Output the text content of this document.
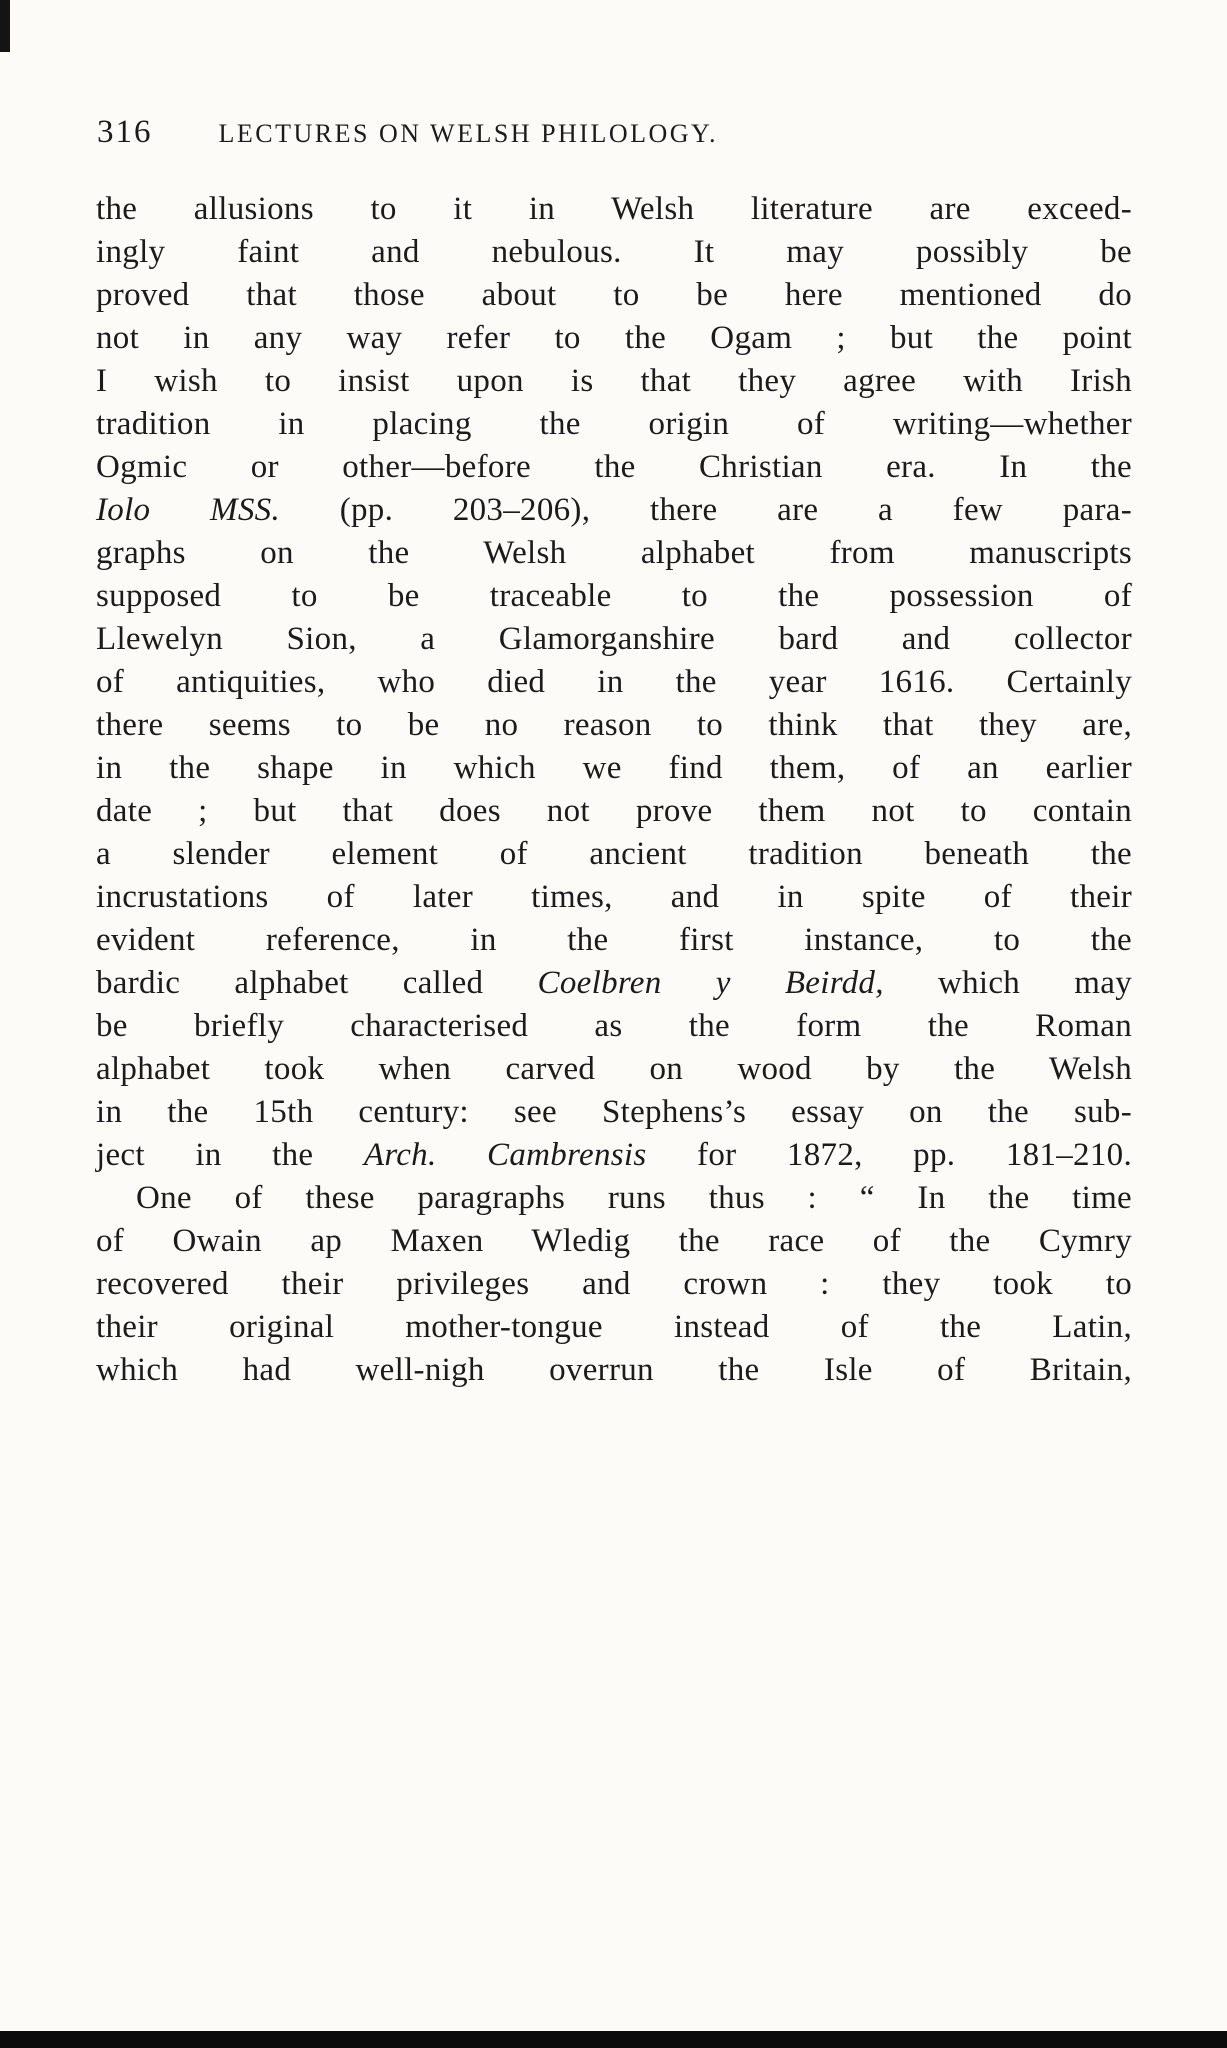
316	LECTURES ON WELSH PHILOLOGY.
the allusions to it in Welsh literature are exceed-
ingly faint and nebulous. It may possibly be
proved that those about to be here mentioned do
not in any way refer to the Ogam ; but the point
I wish to insist upon is that they agree with Irish
tradition in placing the origin of writing—whether
Ogmic or other—before the Christian era. In the
Iolo MSS. (pp. 203–206), there are a few para-
graphs on the Welsh alphabet from manuscripts
supposed to be traceable to the possession of
Llewelyn Sion, a Glamorganshire bard and collector
of antiquities, who died in the year 1616. Certainly
there seems to be no reason to think that they are,
in the shape in which we find them, of an earlier
date ; but that does not prove them not to contain
a slender element of ancient tradition beneath the
incrustations of later times, and in spite of their
evident reference, in the first instance, to the
bardic alphabet called Coelbren y Beirdd, which may
be briefly characterised as the form the Roman
alphabet took when carved on wood by the Welsh
in the 15th century: see Stephens’s essay on the sub-
ject in the Arch. Cambrensis for 1872, pp. 181–210.
One of these paragraphs runs thus : “ In the time
of Owain ap Maxen Wledig the race of the Cymry
recovered their privileges and crown : they took to
their original mother-tongue instead of the Latin,
which had well-nigh overrun the Isle of Britain,
